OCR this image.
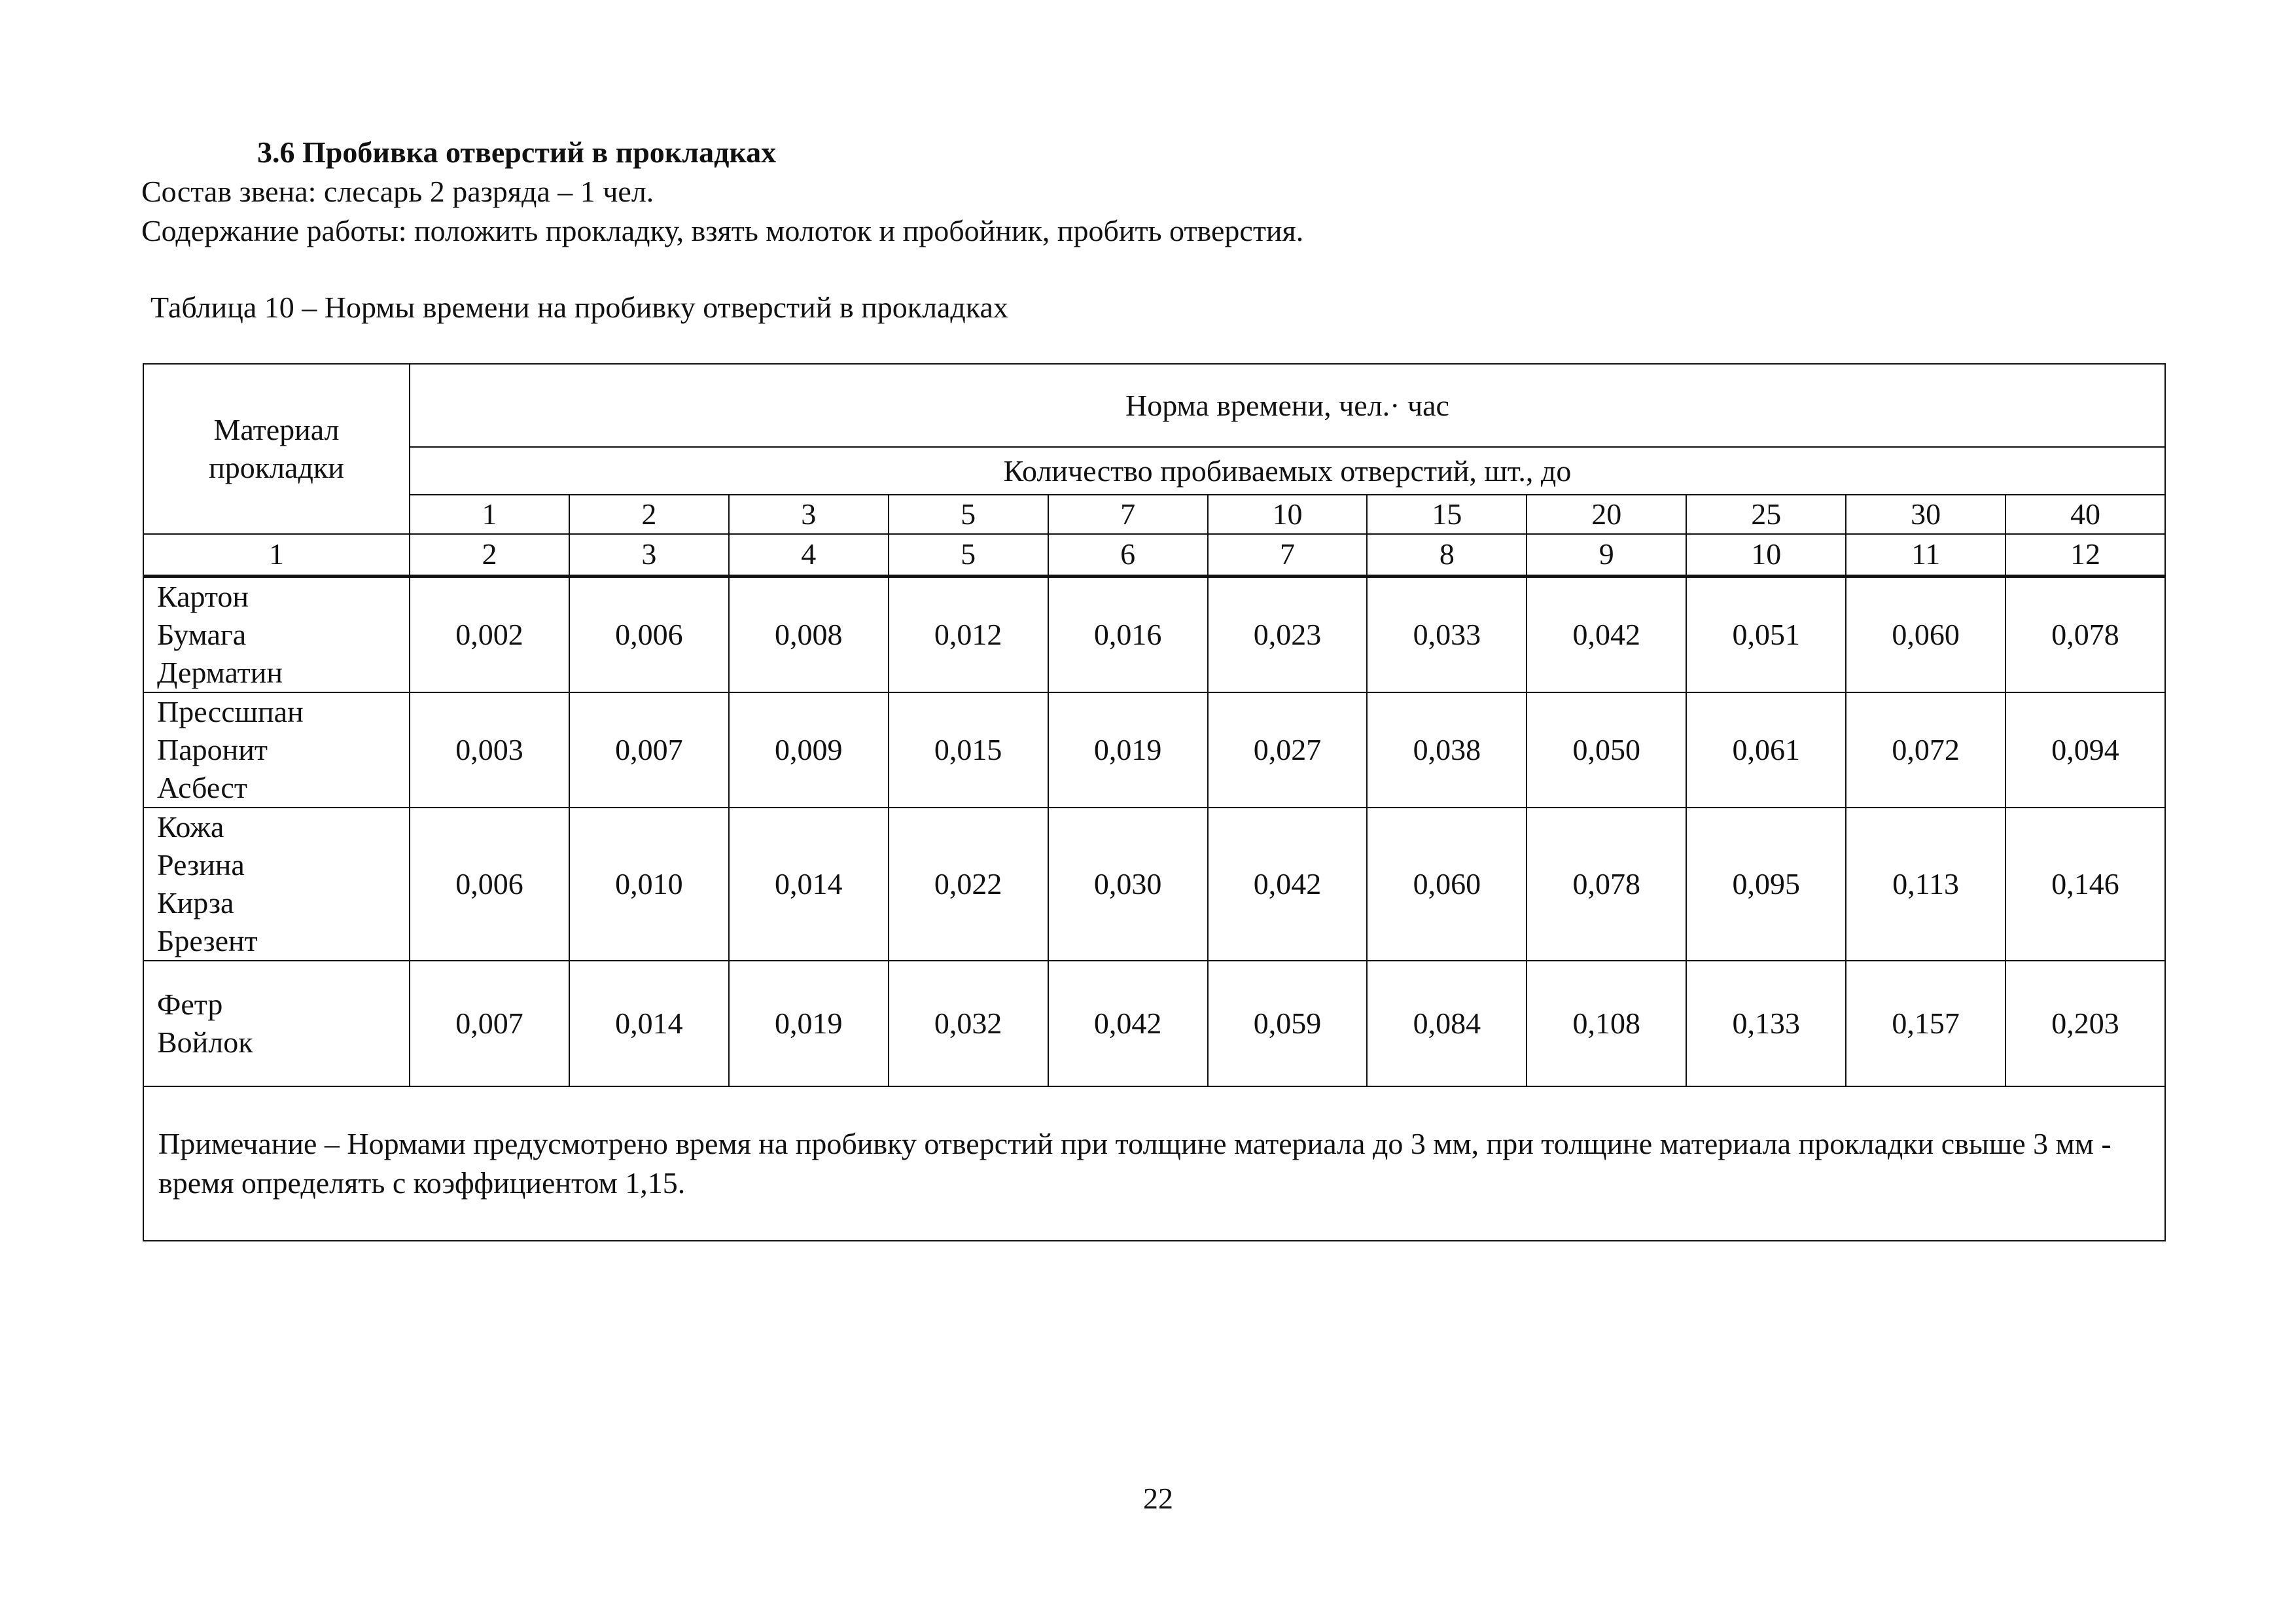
3.6 Пробивка отверстий в прокладках
Состав звена: слесарь 2 разряда – 1 чел.
Содержание работы: положить прокладку, взять молоток и пробойник, пробить отверстия.
Таблица 10 – Нормы времени на пробивку отверстий в прокладках
Материал прокладки	Норма времени, чел.· час										
	Количество пробиваемых отверстий, шт., до										
	1	2	3	5	7	10	15	20	25	30	40
1	2	3	4	5	6	7	8	9	10	11	12

Картон
Бумага
Дерматин	0,002	0,006	0,008	0,012	0,016	0,023	0,033	0,042	0,051	0,060	0,078

Прессшпан
Паронит
Асбест	0,003	0,007	0,009	0,015	0,019	0,027	0,038	0,050	0,061	0,072	0,094

Кожа
Резина
Кирза
Брезент	0,006	0,010	0,014	0,022	0,030	0,042	0,060	0,078	0,095	0,113	0,146

Фетр
Войлок	0,007	0,014	0,019	0,032	0,042	0,059	0,084	0,108	0,133	0,157	0,203
Примечание – Нормами предусмотрено время на пробивку отверстий при толщине материала до 3 мм, при толщине материала прокладки свыше 3 мм - время определять с коэффициентом 1,15.											
22
